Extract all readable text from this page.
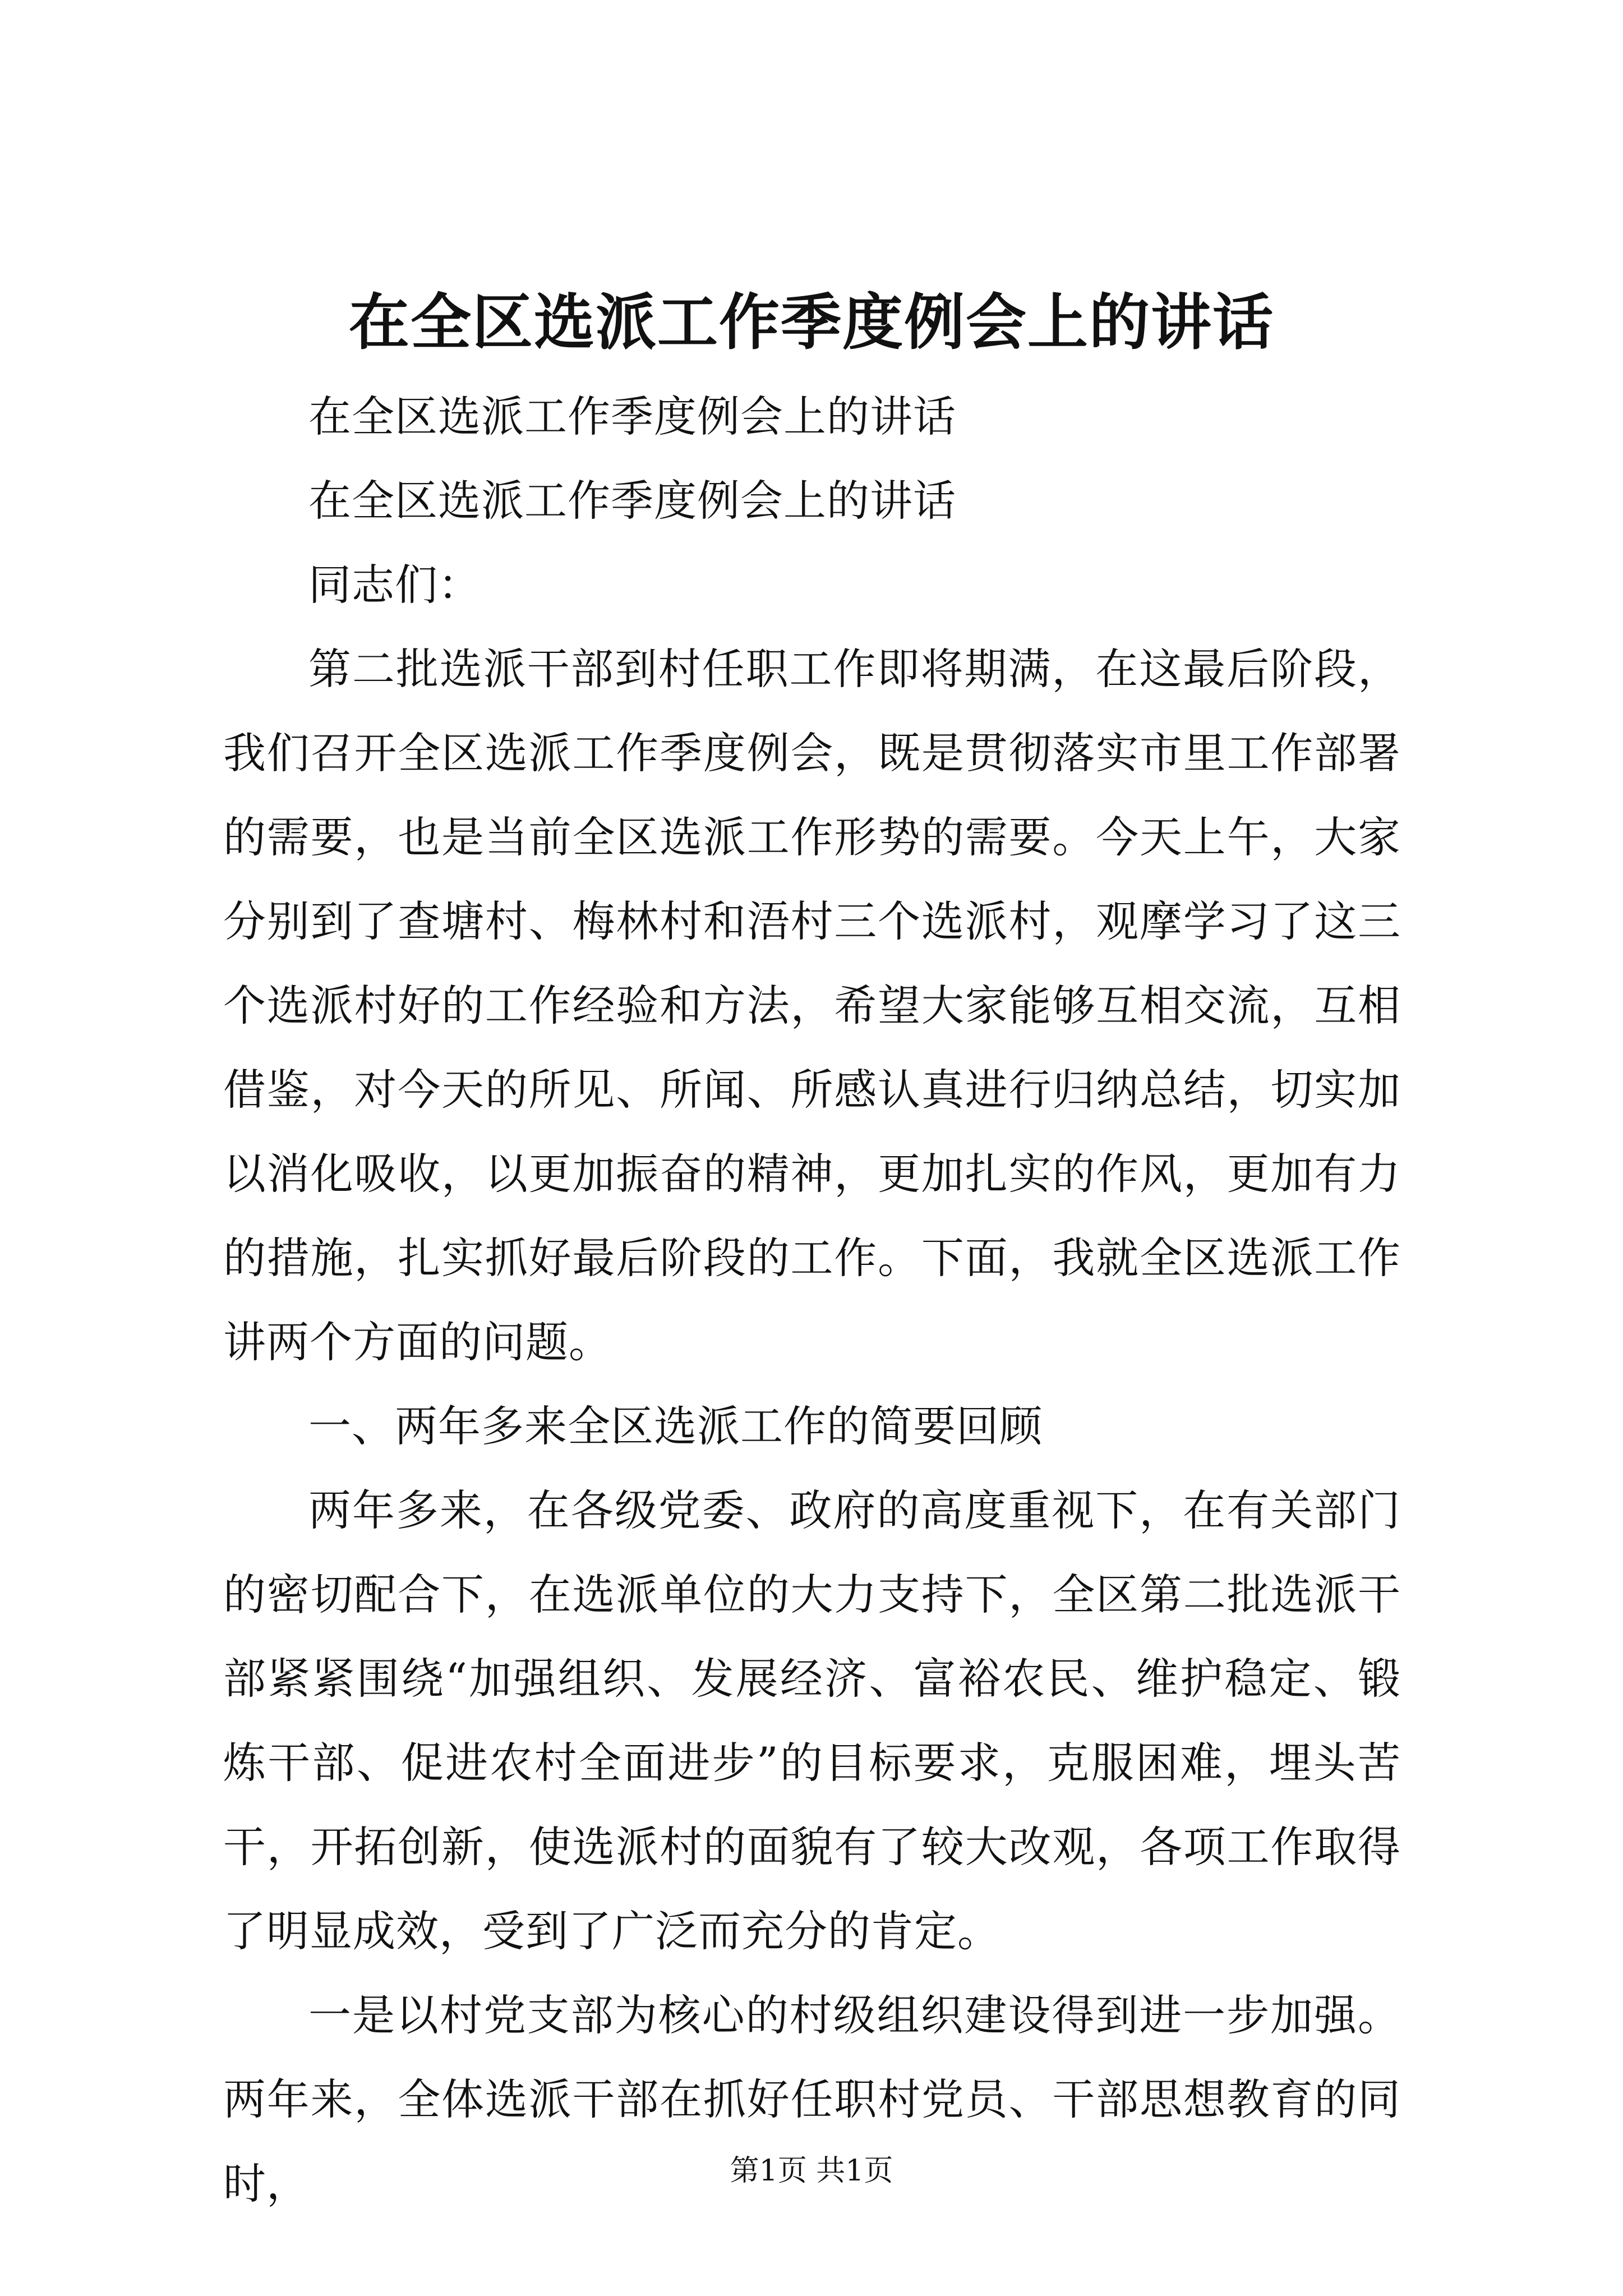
在全区选派工作季度例会上的讲话

在全区选派工作季度例会上的讲话

在全区选派工作季度例会上的讲话

同志们：

第二批选派干部到村任职工作即将期满，在这最后阶段，我们召开全区选派工作季度例会，既是贯彻落实市里工作部署的需要，也是当前全区选派工作形势的需要。今天上午，大家分别到了查塘村、梅林村和浯村三个选派村，观摩学习了这三个选派村好的工作经验和方法，希望大家能够互相交流，互相借鉴，对今天的所见、所闻、所感认真进行归纳总结，切实加以消化吸收，以更加振奋的精神，更加扎实的作风，更加有力的措施，扎实抓好最后阶段的工作。下面，我就全区选派工作讲两个方面的问题。

一、两年多来全区选派工作的简要回顾

两年多来，在各级党委、政府的高度重视下，在有关部门的密切配合下，在选派单位的大力支持下，全区第二批选派干部紧紧围绕“加强组织、发展经济、富裕农民、维护稳定、锻炼干部、促进农村全面进步”的目标要求，克服困难，埋头苦干，开拓创新，使选派村的面貌有了较大改观，各项工作取得了明显成效，受到了广泛而充分的肯定。

一是以村党支部为核心的村级组织建设得到进一步加强。两年来，全体选派干部在抓好任职村党员、干部思想教育的同时，	第1页 共1页
